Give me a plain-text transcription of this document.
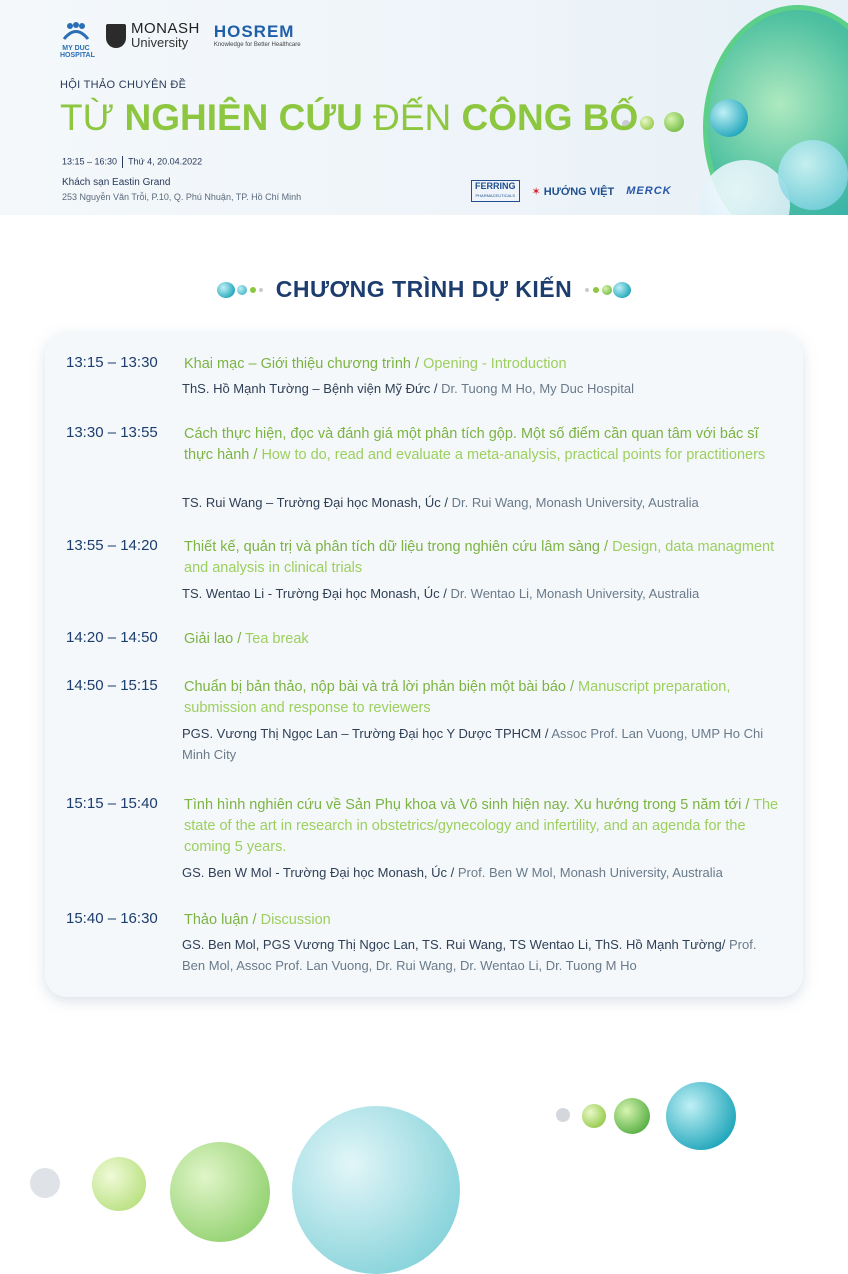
MY DUC HOSPITAL
MONASH
University
HOSREM
Knowledge for Better Healthcare
HỘI THẢO CHUYÊN ĐỀ
TỪ NGHIÊN CỨU ĐẾN CÔNG BỐ
13:15 – 16:30 Thứ 4, 20.04.2022
Khách sạn Eastin Grand
253 Nguyễn Văn Trỗi, P.10, Q. Phú Nhuận, TP. Hồ Chí Minh
FERRING
PHARMACEUTICALS ✶ HƯỚNG VIỆT MERCK
CHƯƠNG TRÌNH DỰ KIẾN
13:15 – 13:30 Khai mạc – Giới thiệu chương trình / Opening - Introduction
ThS. Hồ Mạnh Tường – Bệnh viện Mỹ Đức / Dr. Tuong M Ho, My Duc Hospital
13:30 – 13:55 Cách thực hiện, đọc và đánh giá một phân tích gộp. Một số điểm cần quan tâm với bác sĩ thực hành / How to do, read and evaluate a meta-analysis, practical points for practitioners
TS. Rui Wang – Trường Đại học Monash, Úc / Dr. Rui Wang, Monash University, Australia
13:55 – 14:20 Thiết kế, quản trị và phân tích dữ liệu trong nghiên cứu lâm sàng / Design, data managment and analysis in clinical trials
TS. Wentao Li - Trường Đại học Monash, Úc / Dr. Wentao Li, Monash University, Australia
14:20 – 14:50 Giải lao / Tea break
14:50 – 15:15 Chuẩn bị bản thảo, nộp bài và trả lời phản biện một bài báo / Manuscript preparation, submission and response to reviewers
PGS. Vương Thị Ngọc Lan – Trường Đại học Y Dược TPHCM / Assoc Prof. Lan Vuong, UMP Ho Chi Minh City
15:15 – 15:40 Tình hình nghiên cứu về Sản Phụ khoa và Vô sinh hiện nay. Xu hướng trong 5 năm tới / The state of the art in research in obstetrics/gynecology and infertility, and an agenda for the coming 5 years.
GS. Ben W Mol - Trường Đại học Monash, Úc / Prof. Ben W Mol, Monash University, Australia
15:40 – 16:30 Thảo luận / Discussion
GS. Ben Mol, PGS Vương Thị Ngọc Lan, TS. Rui Wang, TS Wentao Li, ThS. Hồ Mạnh Tường/ Prof. Ben Mol, Assoc Prof. Lan Vuong, Dr. Rui Wang, Dr. Wentao Li, Dr. Tuong M Ho
